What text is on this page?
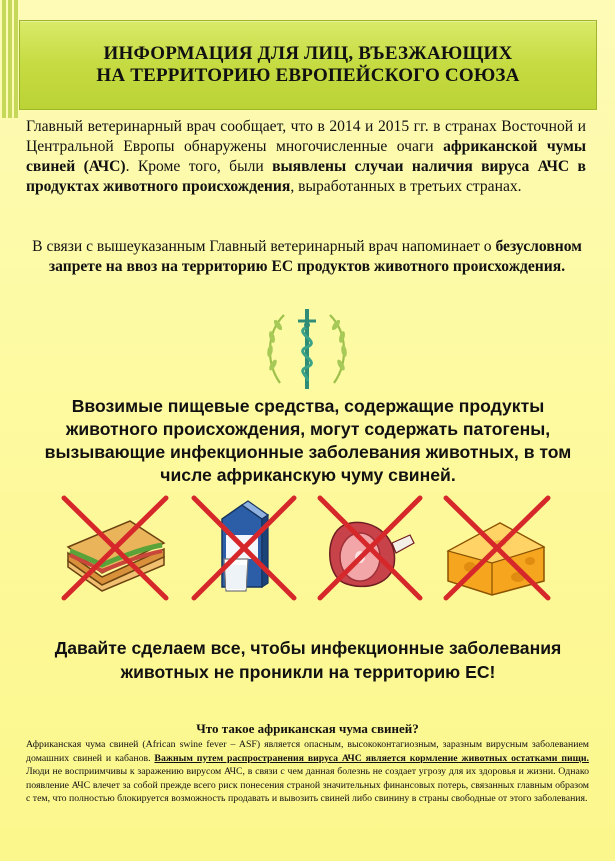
ИНФОРМАЦИЯ ДЛЯ ЛИЦ, ВЪЕЗЖАЮЩИХ
НА ТЕРРИТОРИЮ ЕВРОПЕЙСКОГО СОЮЗА

Главный ветеринарный врач сообщает, что в 2014 и 2015 гг. в странах Восточной и Центральной Европы обнаружены многочисленные очаги африканской чумы свиней (АЧС). Кроме того, были выявлены случаи наличия вируса АЧС в продуктах животного происхождения, выработанных в третьих странах.

В связи с вышеуказанным Главный ветеринарный врач напоминает о безусловном запрете на ввоз на территорию ЕС продуктов животного происхождения.

Ввозимые пищевые средства, содержащие продукты животного происхождения, могут содержать патогены, вызывающие инфекционные заболевания животных, в том числе африканскую чуму свиней.

Давайте сделаем все, чтобы инфекционные заболевания животных не проникли на территорию ЕС!

Что такое африканская чума свиней?

Африканская чума свиней (African swine fever – ASF) является опасным, высококонтагиозным, заразным вирусным заболеванием домашних свиней и кабанов. Важным путем распространения вируса АЧС является кормление животных остатками пищи. Люди не восприимчивы к заражению вирусом АЧС, в связи с чем данная болезнь не создает угрозу для их здоровья и жизни. Однако появление АЧС влечет за собой прежде всего риск понесения страной значительных финансовых потерь, связанных главным образом с тем, что полностью блокируется возможность продавать и вывозить свиней либо свинину в страны свободные от этого заболевания.
